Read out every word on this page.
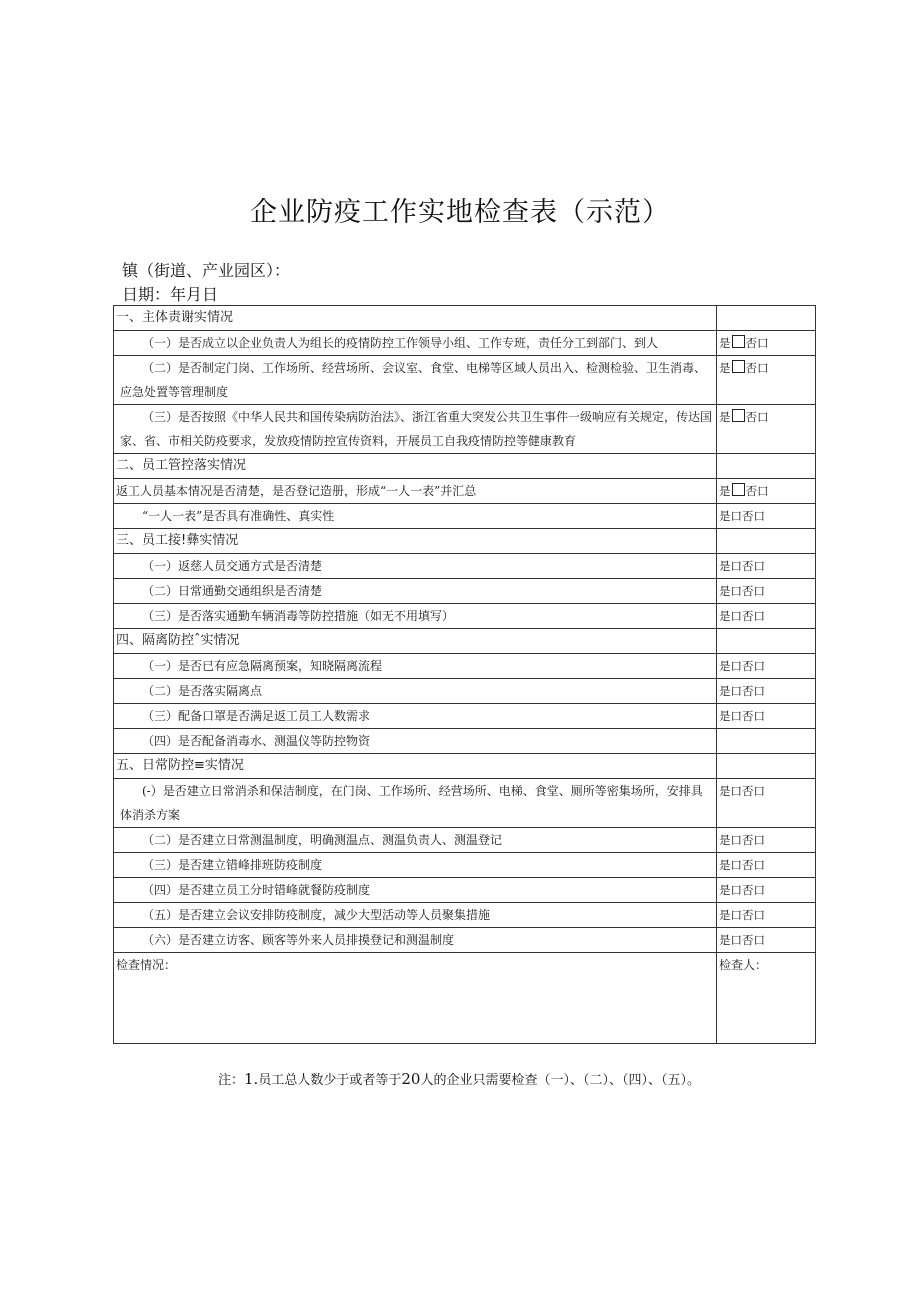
企业防疫工作实地检查表（示范）
镇（街道、产业园区）：
日期：年月日
一、主体责谢实情况	
（一）是否成立以企业负责人为组长的疫情防控工作领导小组、工作专班，责任分工到部门、到人	是 否口
（二）是否制定门岗、工作场所、经营场所、会议室、食堂、电梯等区域人员出入、检测检验、卫生消毒、应急处置等管理制度	是 否口
（三）是否按照《中华人民共和国传染病防治法》、浙江省重大突发公共卫生事件一级响应有关规定，传达国家、省、市相关防疫要求，发放疫情防控宣传资料，开展员工自我疫情防控等健康教育	是 否口
二、员工管控落实情况	
返工人员基本情况是否清楚，是否登记造册，形成“一人一表”并汇总	是 否口
“一人一表”是否具有准确性、真实性	是口否口
三、员工接!彝实情况	
（一）返慈人员交通方式是否清楚	是口否口
（二）日常通勤交通组织是否清楚	是口否口
（三）是否落实通勤车辆消毒等防控措施（如无不用填写）	是口否口
四、隔离防控ˆ实情况	
（一）是否已有应急隔离预案，知晓隔离流程	是口否口
（二）是否落实隔离点	是口否口
（三）配备口罩是否满足返工员工人数需求	是口否口
（四）是否配备消毒水、测温仪等防控物资	
五、日常防控≡实情况	
(-）是否建立日常消杀和保洁制度，在门岗、工作场所、经营场所、电梯、食堂、厕所等密集场所，安排具体消杀方案	是口否口
（二）是否建立日常测温制度，明确测温点、测温负责人、测温登记	是口否口
（三）是否建立错峰排班防疫制度	是口否口
（四）是否建立员工分时错峰就餐防疫制度	是口否口
（五）是否建立会议安排防疫制度，减少大型活动等人员聚集措施	是口否口
（六）是否建立访客、顾客等外来人员排摸登记和测温制度	是口否口
检查情况：	检查人：
注：1.员工总人数少于或者等于20人的企业只需要检查（一）、（二）、（四）、（五）。
